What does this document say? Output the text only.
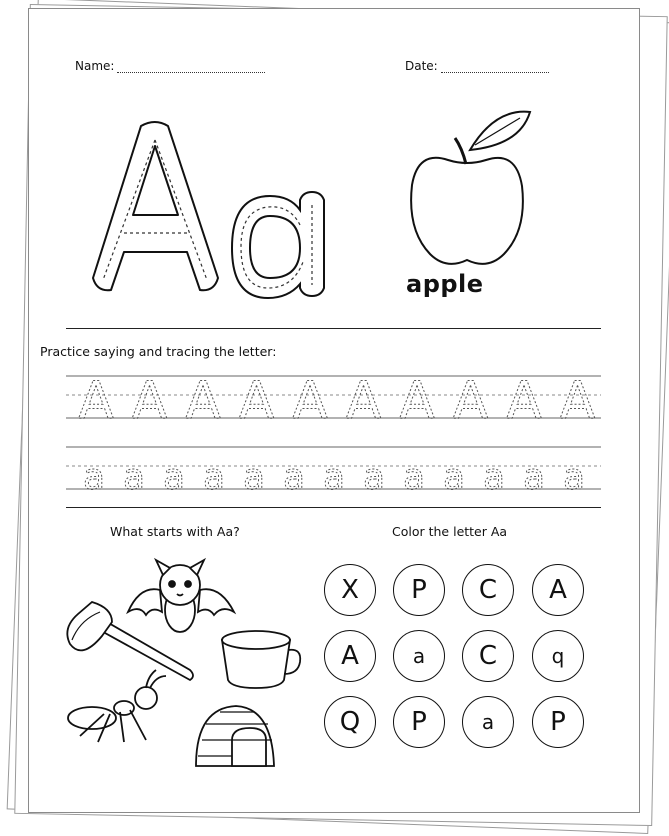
Name:	Date:
apple
Practice saying and tracing the letter:
A A A A A A A A A A
a a a a a a a a a a a a a
What starts with Aa?	Color the letter Aa
X	P	C	A
A	a	C	q
Q	P	a	P
